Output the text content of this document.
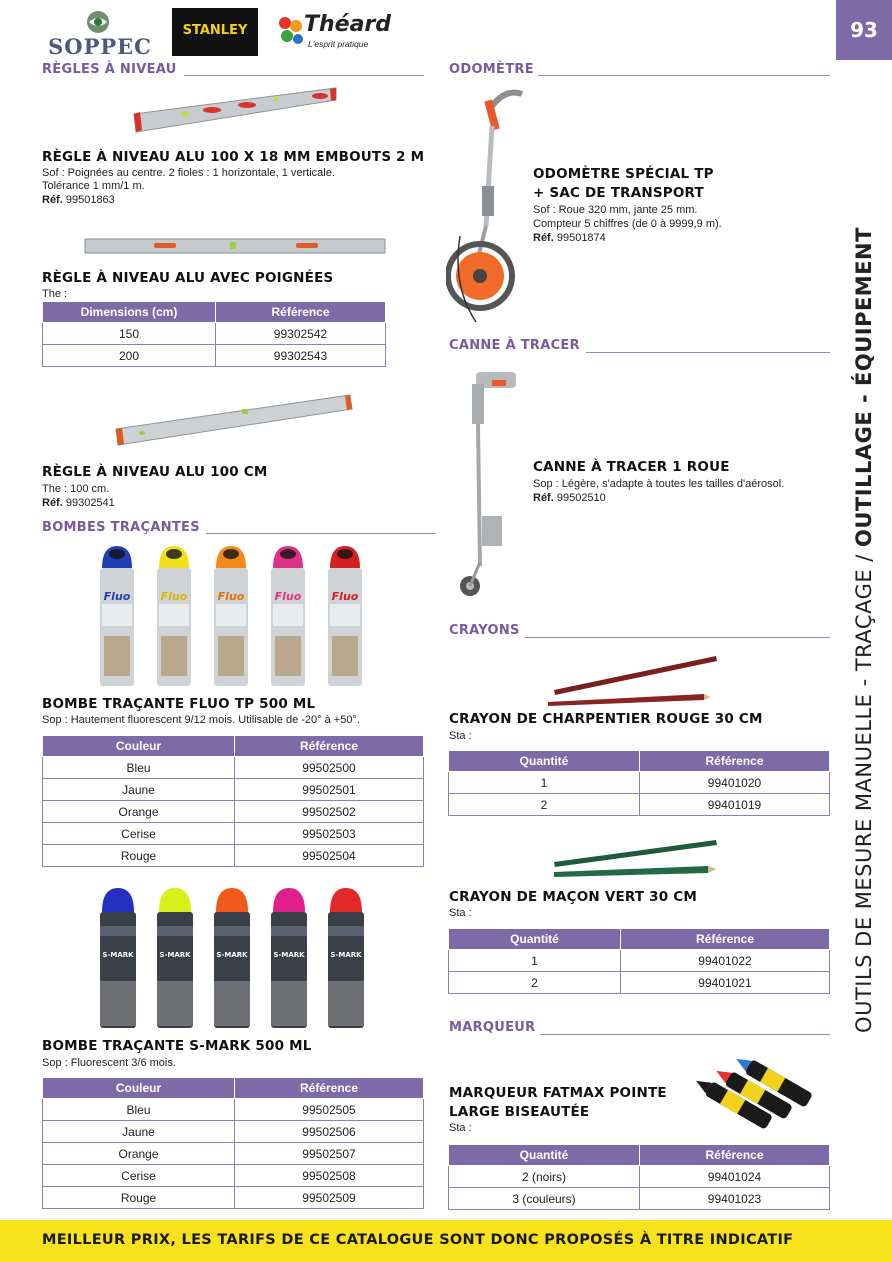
SOPPEC
STANLEY	Théard
L'esprit pratique
93
OUTILS DE MESURE MANUELLE - TRAÇAGE / OUTILLAGE - ÉQUIPEMENT
RÈGLES À NIVEAU
RÈGLE À NIVEAU ALU 100 X 18 MM EMBOUTS 2 M
Sof : Poignées au centre. 2 fioles : 1 horizontale, 1 verticale.
Tolérance 1 mm/1 m.
Réf. 99501863
RÈGLE À NIVEAU ALU AVEC POIGNÉES
The :
Dimensions (cm)	Référence
150	99302542
200	99302543
RÈGLE À NIVEAU ALU 100 CM
The : 100 cm.
Réf. 99302541
BOMBES TRAÇANTES
Fluo	Fluo	Fluo	Fluo	Fluo
BOMBE TRAÇANTE FLUO TP 500 ML
Sop : Hautement fluorescent 9/12 mois. Utilisable de -20° à +50°.
Couleur	Référence
Bleu	99502500
Jaune	99502501
Orange	99502502
Cerise	99502503
Rouge	99502504
S-MARK	S-MARK	S-MARK	S-MARK	S-MARK
BOMBE TRAÇANTE S-MARK 500 ML
Sop : Fluorescent 3/6 mois.
Couleur	Référence
Bleu	99502505
Jaune	99502506
Orange	99502507
Cerise	99502508
Rouge	99502509
ODOMÈTRE
ODOMÈTRE SPÉCIAL TP
+ SAC DE TRANSPORT
Sof : Roue 320 mm, jante 25 mm.
Compteur 5 chiffres (de 0 à 9999,9 m).
Réf. 99501874
CANNE À TRACER
CANNE À TRACER 1 ROUE
Sop : Légère, s'adapte à toutes les tailles d'aérosol.
Réf. 99502510
CRAYONS
CRAYON DE CHARPENTIER ROUGE 30 CM
Sta :
Quantité	Référence
1	99401020
2	99401019
CRAYON DE MAÇON VERT 30 CM
Sta :
Quantité	Référence
1	99401022
2	99401021
MARQUEUR
MARQUEUR FATMAX POINTE
LARGE BISEAUTÉE
Sta :
Quantité	Référence
2 (noirs)	99401024
3 (couleurs)	99401023
MEILLEUR PRIX, LES TARIFS DE CE CATALOGUE SONT DONC PROPOSÉS À TITRE INDICATIF
